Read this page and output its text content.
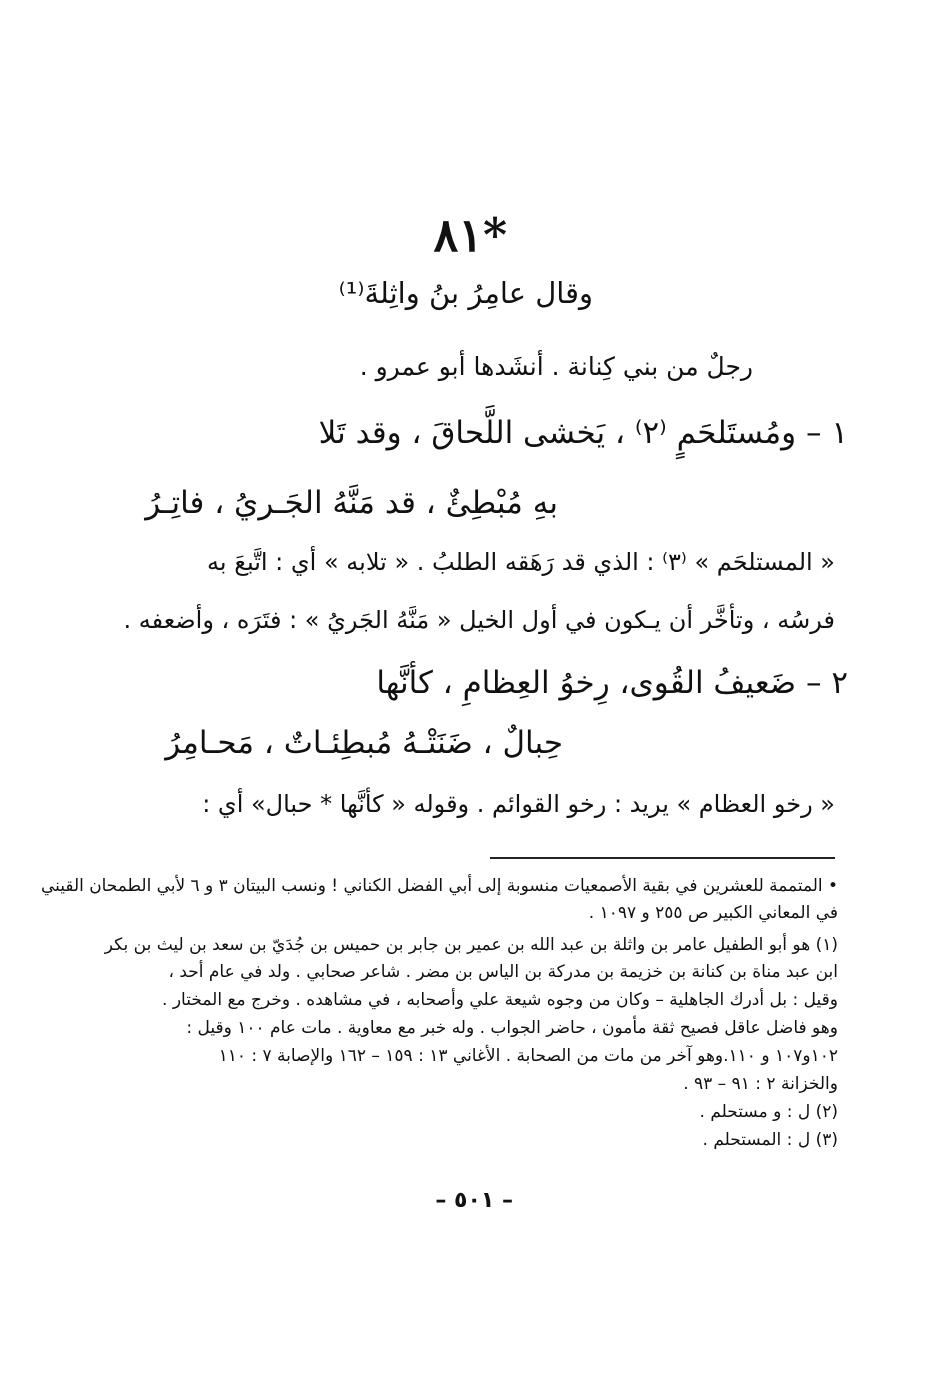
٨١*
وقال عامِرُ بنُ واثِلةَ⁽¹⁾
رجلٌ من بني كِنانة . أنشَدها أبو عمرو .
١ – ومُستَلحَمٍ ⁽٢⁾ ، يَخشى اللَّحاقَ ، وقد تَلا
بهِ مُبْطِئٌ ، قد مَنَّهُ الجَـريُ ، فاتِـرُ
« المستلحَم » ⁽٣⁾ : الذي قد رَهَقه الطلبُ . « تلابه » أي : اتَّبعَ به
فرسُه ، وتأخَّر أن يـكون في أول الخيل « مَنَّهُ الجَريُ » : فتَرَه ، وأضعفه .
٢ – ضَعيفُ القُوى، رِخوُ العِظامِ ، كأنَّها
حِبالٌ ، ضَنَتْـهُ مُبطِئـاتٌ ، مَحـامِرُ
« رخو العظام » يريد : رخو القوائم . وقوله « كأنَّها * حبال» أي :
• المتممة للعشرين في بقية الأصمعيات منسوبة إلى أبي الفضل الكناني ! ونسب البيتان ٣ و ٦ لأبي الطمحان القيني
في المعاني الكبير ص ٢٥٥ و ١٠٩٧ .
(١) هو أبو الطفيل عامر بن واثلة بن عبد الله بن عمير بن جابر بن حميس بن جُدَيّ بن سعد بن ليث بن بكر
ابن عبد مناة بن كنانة بن خزيمة بن مدركة بن الياس بن مضر . شاعر صحابي . ولد في عام أحد ،
وقيل : بل أدرك الجاهلية – وكان من وجوه شيعة علي وأصحابه ، في مشاهده . وخرج مع المختار .
وهو فاضل عاقل فصيح ثقة مأمون ، حاضر الجواب . وله خبر مع معاوية . مات عام ١٠٠ وقيل :
١٠٢و١٠٧ و ١١٠.وهو آخر من مات من الصحابة . الأغاني ١٣ : ١٥٩ – ١٦٢ والإصابة ٧ : ١١٠
والخزانة ٢ : ٩١ – ٩٣ .
(٢) ل : و مستحلم .
(٣) ل : المستحلم .
– ٥٠١ –
